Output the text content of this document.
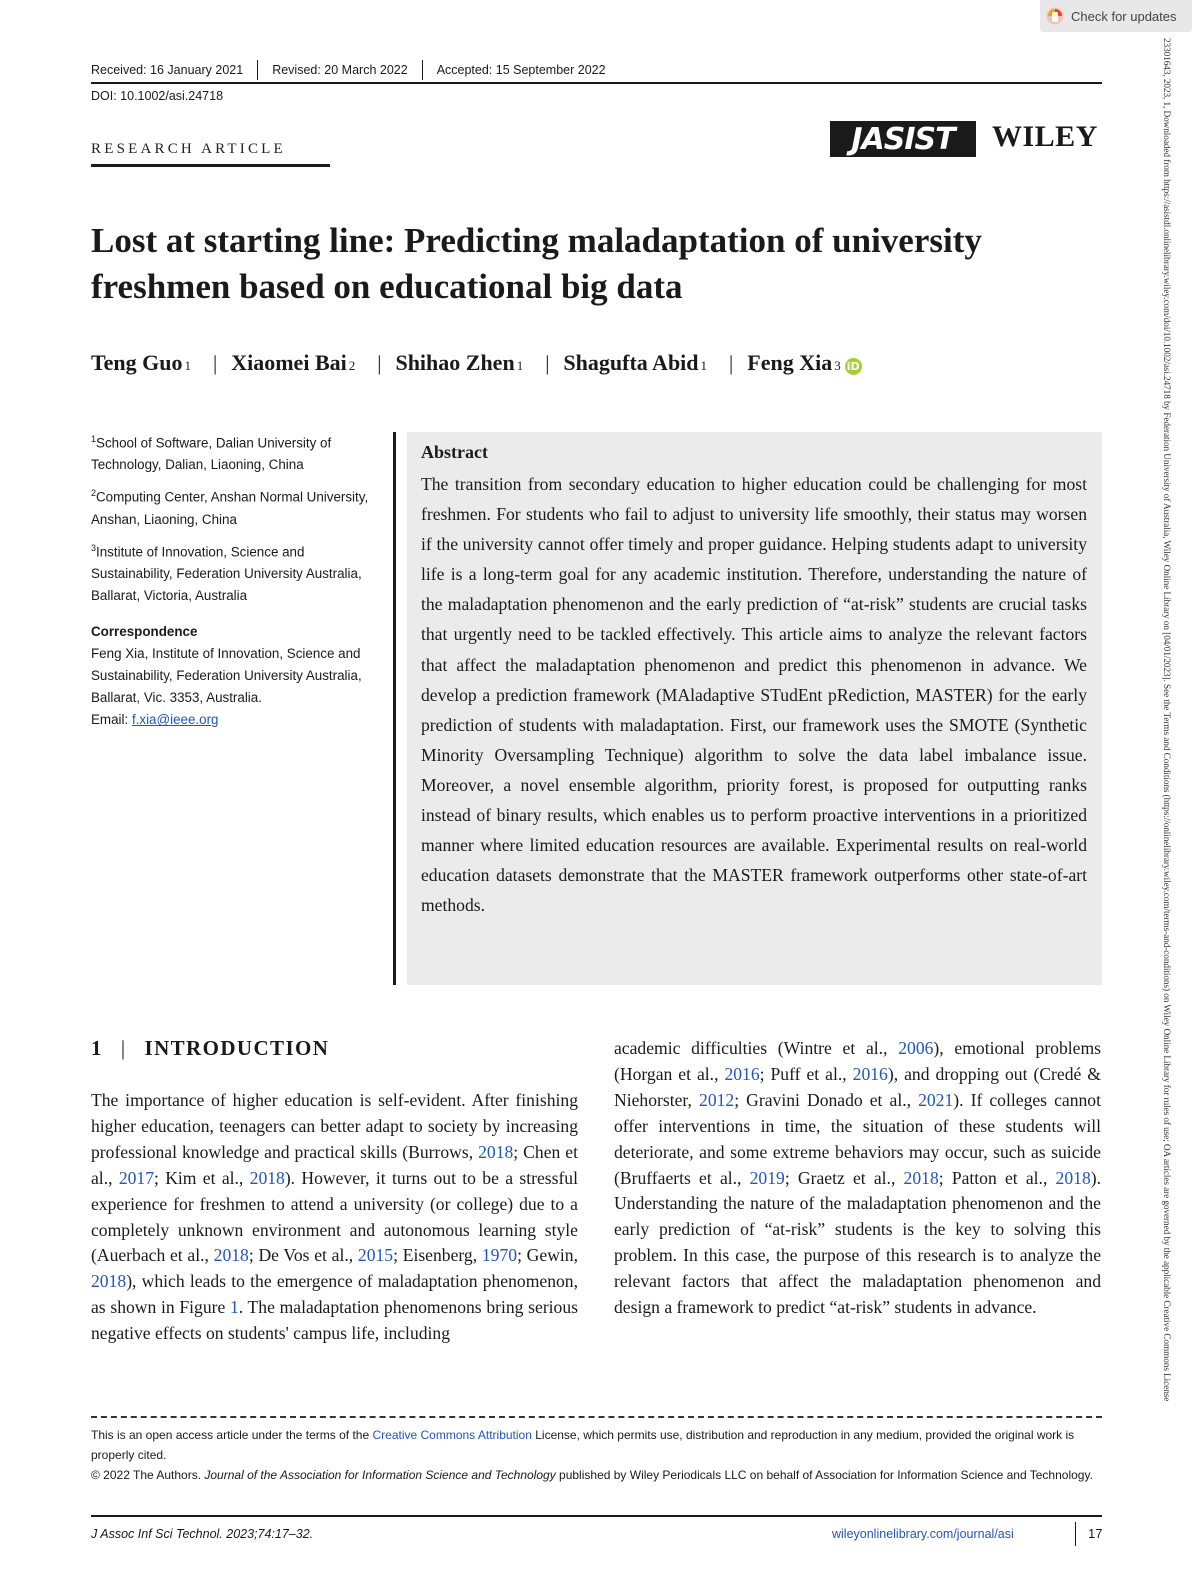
Check for updates
23301643, 2023, 1, Downloaded from https://asistdl.onlinelibrary.wiley.com/doi/10.1002/asi.24718 by Federation University of Australia, Wiley Online Library on [04/01/2023]. See the Terms and Conditions (https://onlinelibrary.wiley.com/terms-and-conditions) on Wiley Online Library for rules of use; OA articles are governed by the applicable Creative Commons License
Received: 16 January 2021	Revised: 20 March 2022	Accepted: 15 September 2022
DOI: 10.1002/asi.24718
RESEARCH ARTICLE	JASIST	WILEY
Lost at starting line: Predicting maladaptation of university freshmen based on educational big data
Teng Guo 1 | Xiaomei Bai 2 | Shihao Zhen 1 | Shagufta Abid 1 | Feng Xia 3 iD

$^1$School of Software, Dalian University of Technology, Dalian, Liaoning, China

$^2$Computing Center, Anshan Normal University, Anshan, Liaoning, China

$^3$Institute of Innovation, Science and Sustainability, Federation University Australia, Ballarat, Victoria, Australia

Correspondence

Feng Xia, Institute of Innovation, Science and Sustainability, Federation University Australia, Ballarat, Vic. 3353, Australia.

Email: f.xia@ieee.org

Abstract

The transition from secondary education to higher education could be challenging for most freshmen. For students who fail to adjust to university life smoothly, their status may worsen if the university cannot offer timely and proper guidance. Helping students adapt to university life is a long-term goal for any academic institution. Therefore, understanding the nature of the maladaptation phenomenon and the early prediction of “at-risk” students are crucial tasks that urgently need to be tackled effectively. This article aims to analyze the relevant factors that affect the maladaptation phenomenon and predict this phenomenon in advance. We develop a prediction framework (MAladaptive STudEnt pRediction, MASTER) for the early prediction of students with maladaptation. First, our framework uses the SMOTE (Synthetic Minority Oversampling Technique) algorithm to solve the data label imbalance issue. Moreover, a novel ensemble algorithm, priority forest, is proposed for outputting ranks instead of binary results, which enables us to perform proactive interventions in a prioritized manner where limited education resources are available. Experimental results on real-world education datasets demonstrate that the MASTER framework outperforms other state-of-art methods.

1 | INTRODUCTION

The importance of higher education is self-evident. After finishing higher education, teenagers can better adapt to society by increasing professional knowledge and practical skills (Burrows, 2018; Chen et al., 2017; Kim et al., 2018). However, it turns out to be a stressful experience for freshmen to attend a university (or college) due to a completely unknown environment and autonomous learning style (Auerbach et al., 2018; De Vos et al., 2015; Eisenberg, 1970; Gewin, 2018), which leads to the emergence of maladaptation phenomenon, as shown in Figure 1. The maladaptation phenomenons bring serious negative effects on students' campus life, including

academic difficulties (Wintre et al., 2006), emotional problems (Horgan et al., 2016; Puff et al., 2016), and dropping out (Credé & Niehorster, 2012; Gravini Donado et al., 2021). If colleges cannot offer interventions in time, the situation of these students will deteriorate, and some extreme behaviors may occur, such as suicide (Bruffaerts et al., 2019; Graetz et al., 2018; Patton et al., 2018). Understanding the nature of the maladaptation phenomenon and the early prediction of “at-risk” students is the key to solving this problem. In this case, the purpose of this research is to analyze the relevant factors that affect the maladaptation phenomenon and design a framework to predict “at-risk” students in advance.

This is an open access article under the terms of the Creative Commons Attribution License, which permits use, distribution and reproduction in any medium, provided the original work is properly cited.

© 2022 The Authors. Journal of the Association for Information Science and Technology published by Wiley Periodicals LLC on behalf of Association for Information Science and Technology.

J Assoc Inf Sci Technol. 2023;74:17–32.	wileyonlinelibrary.com/journal/asi	17
